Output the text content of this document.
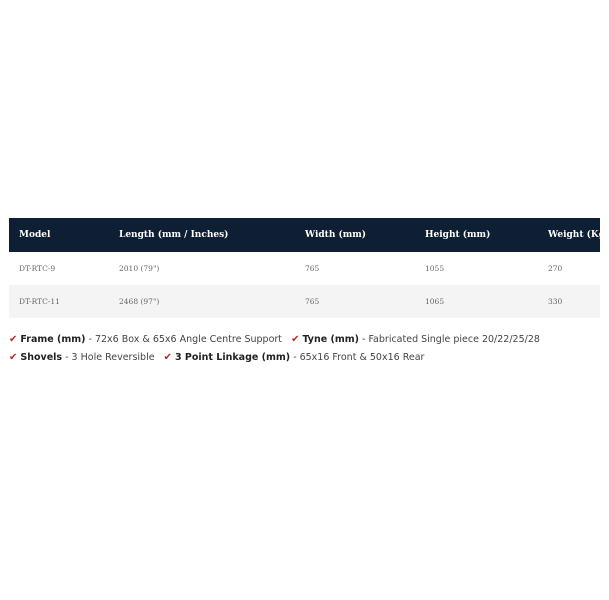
Model	Length (mm / Inches)	Width (mm)	Height (mm)	Weight (Kg)
DT-RTC-9	2010 (79")	765	1055	270
DT-RTC-11	2468 (97")	765	1065	330
✔ Frame (mm) - 72x6 Box & 65x6 Angle Centre Support ✔ Tyne (mm) - Fabricated Single piece 20/22/25/28
✔ Shovels - 3 Hole Reversible ✔ 3 Point Linkage (mm) - 65x16 Front & 50x16 Rear
